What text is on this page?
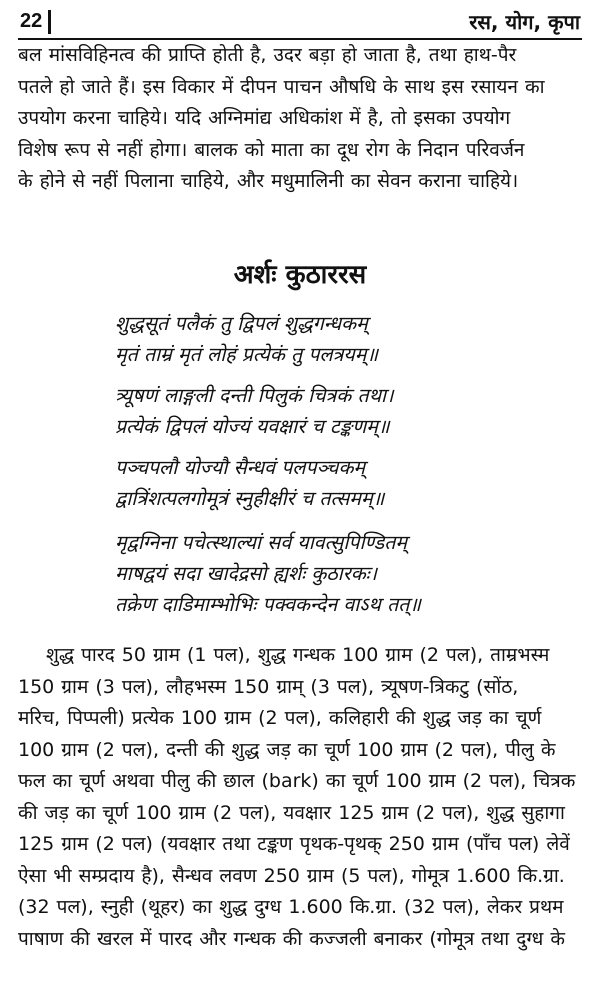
22	रस, योग, कृपा
बल मांसविहिनत्व की प्राप्ति होती है, उदर बड़ा हो जाता है, तथा हाथ-पैर
पतले हो जाते हैं। इस विकार में दीपन पाचन औषधि के साथ इस रसायन का
उपयोग करना चाहिये। यदि अग्निमांद्य अधिकांश में है, तो इसका उपयोग
विशेष रूप से नहीं होगा। बालक को माता का दूध रोग के निदान परिवर्जन
के होने से नहीं पिलाना चाहिये, और मधुमालिनी का सेवन कराना चाहिये।
अर्शः कुठाररस
शुद्धसूतं पलैकं तु द्विपलं शुद्धगन्धकम्
मृतं ताम्रं मृतं लोहं प्रत्येकं तु पलत्रयम्॥
त्र्यूषणं लाङ्गली दन्ती पिलुकं चित्रकं तथा।
प्रत्येकं द्विपलं योज्यं यवक्षारं च टङ्कणम्॥
पञ्चपलौ योज्यौ सैन्धवं पलपञ्चकम्
द्वात्रिंशत्पलगोमूत्रं स्नुहीक्षीरं च तत्समम्॥
मृद्वग्निना पचेत्स्थाल्यां सर्व यावत्सुपिण्डितम्
माषद्वयं सदा खादेद्रसो ह्यर्शः कुठारकः।
तक्रेण दाडिमाम्भोभिः पक्वकन्देन वाऽथ तत्॥
शुद्ध पारद 50 ग्राम (1 पल), शुद्ध गन्धक 100 ग्राम (2 पल), ताम्रभस्म
150 ग्राम (3 पल), लौहभस्म 150 ग्राम् (3 पल), त्र्यूषण-त्रिकटु (सोंठ,
मरिच, पिप्पली) प्रत्येक 100 ग्राम (2 पल), कलिहारी की शुद्ध जड़ का चूर्ण
100 ग्राम (2 पल), दन्ती की शुद्ध जड़ का चूर्ण 100 ग्राम (2 पल), पीलु के
फल का चूर्ण अथवा पीलु की छाल (bark) का चूर्ण 100 ग्राम (2 पल), चित्रक
की जड़ का चूर्ण 100 ग्राम (2 पल), यवक्षार 125 ग्राम (2 पल), शुद्ध सुहागा
125 ग्राम (2 पल) (यवक्षार तथा टङ्कण पृथक-पृथक् 250 ग्राम (पाँच पल) लेवें
ऐसा भी सम्प्रदाय है), सैन्धव लवण 250 ग्राम (5 पल), गोमूत्र 1.600 कि.ग्रा.
(32 पल), स्नुही (थूहर) का शुद्ध दुग्ध 1.600 कि.ग्रा. (32 पल), लेकर प्रथम
पाषाण की खरल में पारद और गन्धक की कज्जली बनाकर (गोमूत्र तथा दुग्ध के
